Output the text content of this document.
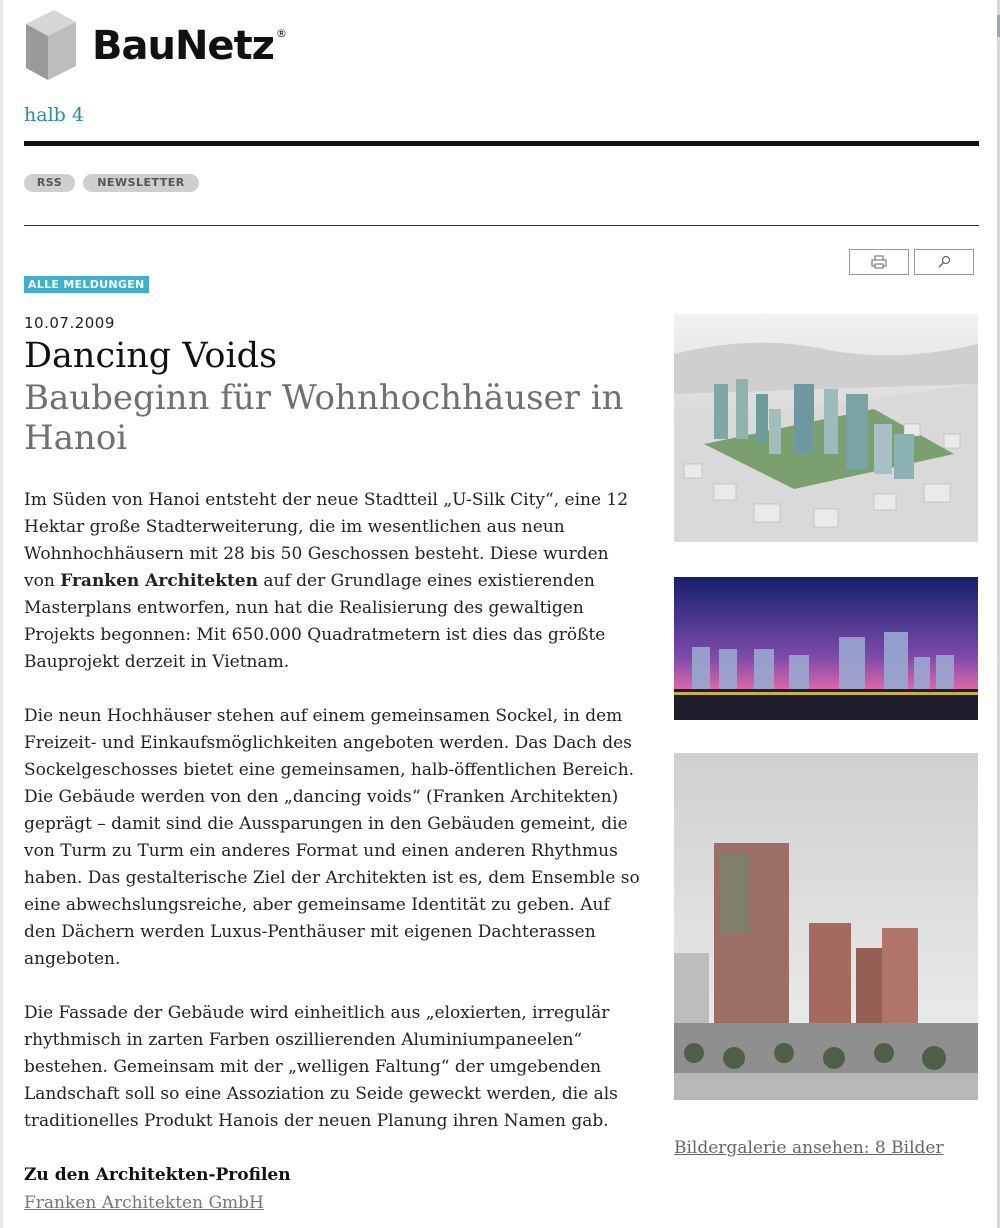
BauNetz ®
halb 4
RSS	NEWSLETTER
ALLE MELDUNGEN
10.07.2009
Dancing Voids
Baubeginn für Wohnhochhäuser in Hanoi

Im Süden von Hanoi entsteht der neue Stadtteil „U-Silk City“, eine 12 Hektar große Stadterweiterung, die im wesentlichen aus neun Wohnhochhäusern mit 28 bis 50 Geschossen besteht. Diese wurden von Franken Architekten auf der Grundlage eines existierenden Masterplans entworfen, nun hat die Realisierung des gewaltigen Projekts begonnen: Mit 650.000 Quadratmetern ist dies das größte Bauprojekt derzeit in Vietnam.

Die neun Hochhäuser stehen auf einem gemeinsamen Sockel, in dem Freizeit- und Einkaufsmöglichkeiten angeboten werden. Das Dach des Sockelgeschosses bietet eine gemeinsamen, halb-öffentlichen Bereich. Die Gebäude werden von den „dancing voids“ (Franken Architekten) geprägt – damit sind die Aussparungen in den Gebäuden gemeint, die von Turm zu Turm ein anderes Format und einen anderen Rhythmus haben. Das gestalterische Ziel der Architekten ist es, dem Ensemble so eine abwechslungsreiche, aber gemeinsame Identität zu geben. Auf den Dächern werden Luxus-Penthäuser mit eigenen Dachterassen angeboten.

Die Fassade der Gebäude wird einheitlich aus „eloxierten, irregulär rhythmisch in zarten Farben oszillierenden Aluminiumpaneelen“ bestehen. Gemeinsam mit der „welligen Faltung“ der umgebenden Landschaft soll so eine Assoziation zu Seide geweckt werden, die als traditionelles Produkt Hanois der neuen Planung ihren Namen gab.

Zu den Architekten-Profilen
Franken Architekten GmbH
Bildergalerie ansehen: 8 Bilder
